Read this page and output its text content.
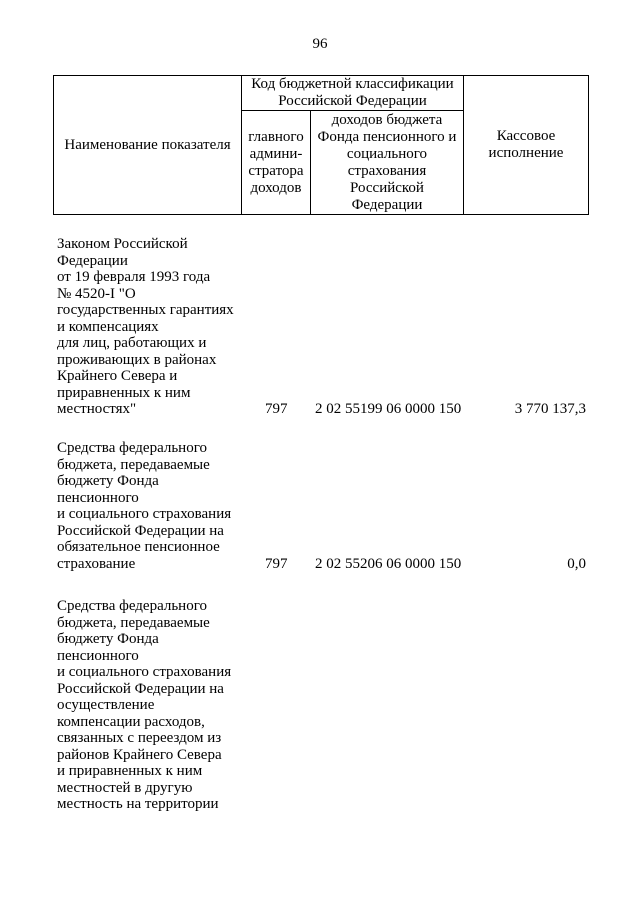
96
Наименование показателя	Код бюджетной классификации Российской Федерации		Кассовое исполнение
	главного админи-стратора доходов	доходов бюджета Фонда пенсионного и социального страхования Российской Федерации	
Законом Российской
Федерации
от 19 февраля 1993 года
№ 4520-I "О
государственных гарантиях
и компенсациях
для лиц, работающих и
проживающих в районах
Крайнего Севера и
приравненных к ним
местностях"	797 2 02 55199 06 0000 150	3 770 137,3
Средства федерального
бюджета, передаваемые
бюджету Фонда
пенсионного
и социального страхования
Российской Федерации на
обязательное пенсионное
страхование	797 2 02 55206 06 0000 150	0,0
Средства федерального
бюджета, передаваемые
бюджету Фонда
пенсионного
и социального страхования
Российской Федерации на
осуществление
компенсации расходов,
связанных с переездом из
районов Крайнего Севера
и приравненных к ним
местностей в другую
местность на территории
